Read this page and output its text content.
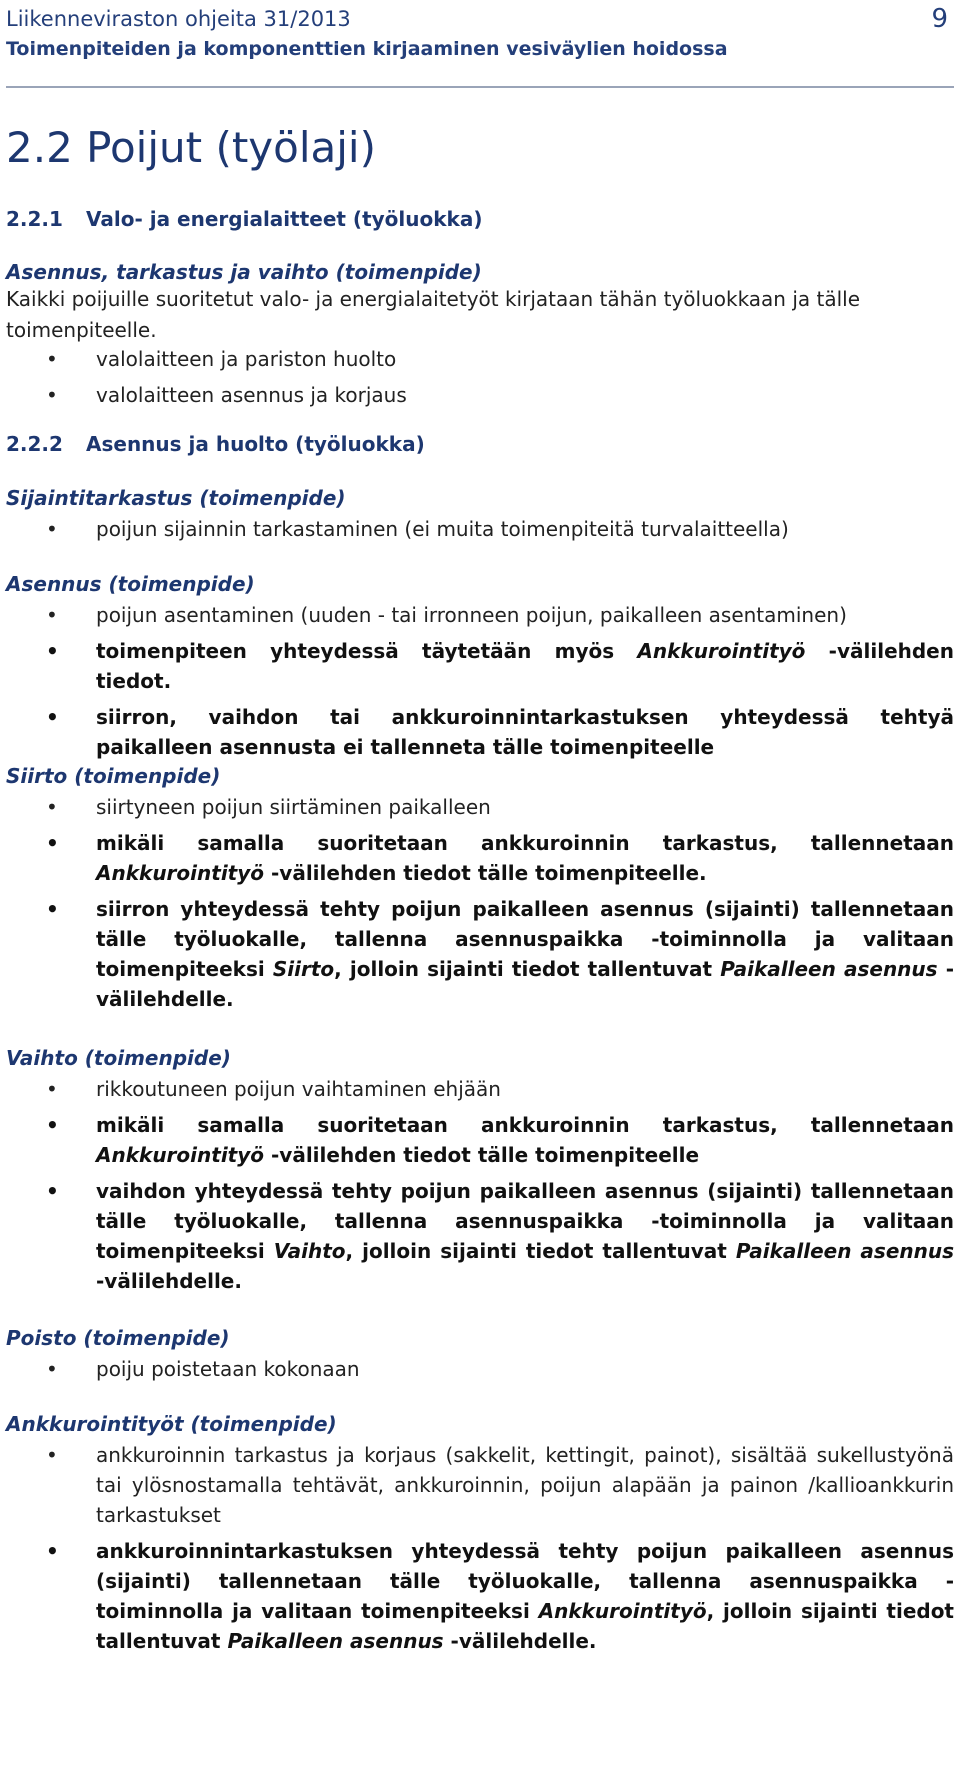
Liikenneviraston ohjeita 31/2013
Toimenpiteiden ja komponenttien kirjaaminen vesiväylien hoidossa
9
2.2 Poijut (työlaji)
2.2.1 Valo- ja energialaitteet (työluokka)
Asennus, tarkastus ja vaihto (toimenpide)
Kaikki poijuille suoritetut valo- ja energialaitetyöt kirjataan tähän työluokkaan ja tälle toimenpiteelle.
• valolaitteen ja pariston huolto
• valolaitteen asennus ja korjaus
2.2.2 Asennus ja huolto (työluokka)
Sijaintitarkastus (toimenpide)
• poijun sijainnin tarkastaminen (ei muita toimenpiteitä turvalaitteella)
Asennus (toimenpide)
• poijun asentaminen (uuden - tai irronneen poijun, paikalleen asentaminen)
• toimenpiteen yhteydessä täytetään myös Ankkurointityö -välilehden tiedot.
• siirron, vaihdon tai ankkuroinnintarkastuksen yhteydessä tehtyä paikalleen asennusta ei tallenneta tälle toimenpiteelle
Siirto (toimenpide)
• siirtyneen poijun siirtäminen paikalleen
• mikäli samalla suoritetaan ankkuroinnin tarkastus, tallennetaan Ankkurointityö -välilehden tiedot tälle toimenpiteelle.
• siirron yhteydessä tehty poijun paikalleen asennus (sijainti) tallennetaan tälle työluokalle, tallenna asennuspaikka -toiminnolla ja valitaan toimenpiteeksi Siirto, jolloin sijainti tiedot tallentuvat Paikalleen asennus -välilehdelle.
Vaihto (toimenpide)
• rikkoutuneen poijun vaihtaminen ehjään
• mikäli samalla suoritetaan ankkuroinnin tarkastus, tallennetaan Ankkurointityö -välilehden tiedot tälle toimenpiteelle
• vaihdon yhteydessä tehty poijun paikalleen asennus (sijainti) tallennetaan tälle työluokalle, tallenna asennuspaikka -toiminnolla ja valitaan toimenpiteeksi Vaihto, jolloin sijainti tiedot tallentuvat Paikalleen asennus -välilehdelle.
Poisto (toimenpide)
• poiju poistetaan kokonaan
Ankkurointityöt (toimenpide)
• ankkuroinnin tarkastus ja korjaus (sakkelit, kettingit, painot), sisältää sukellustyönä tai ylösnostamalla tehtävät, ankkuroinnin, poijun alapään ja painon /kallioankkurin tarkastukset
• ankkuroinnintarkastuksen yhteydessä tehty poijun paikalleen asennus (sijainti) tallennetaan tälle työluokalle, tallenna asennuspaikka -toiminnolla ja valitaan toimenpiteeksi Ankkurointityö, jolloin sijainti tiedot tallentuvat Paikalleen asennus -välilehdelle.
